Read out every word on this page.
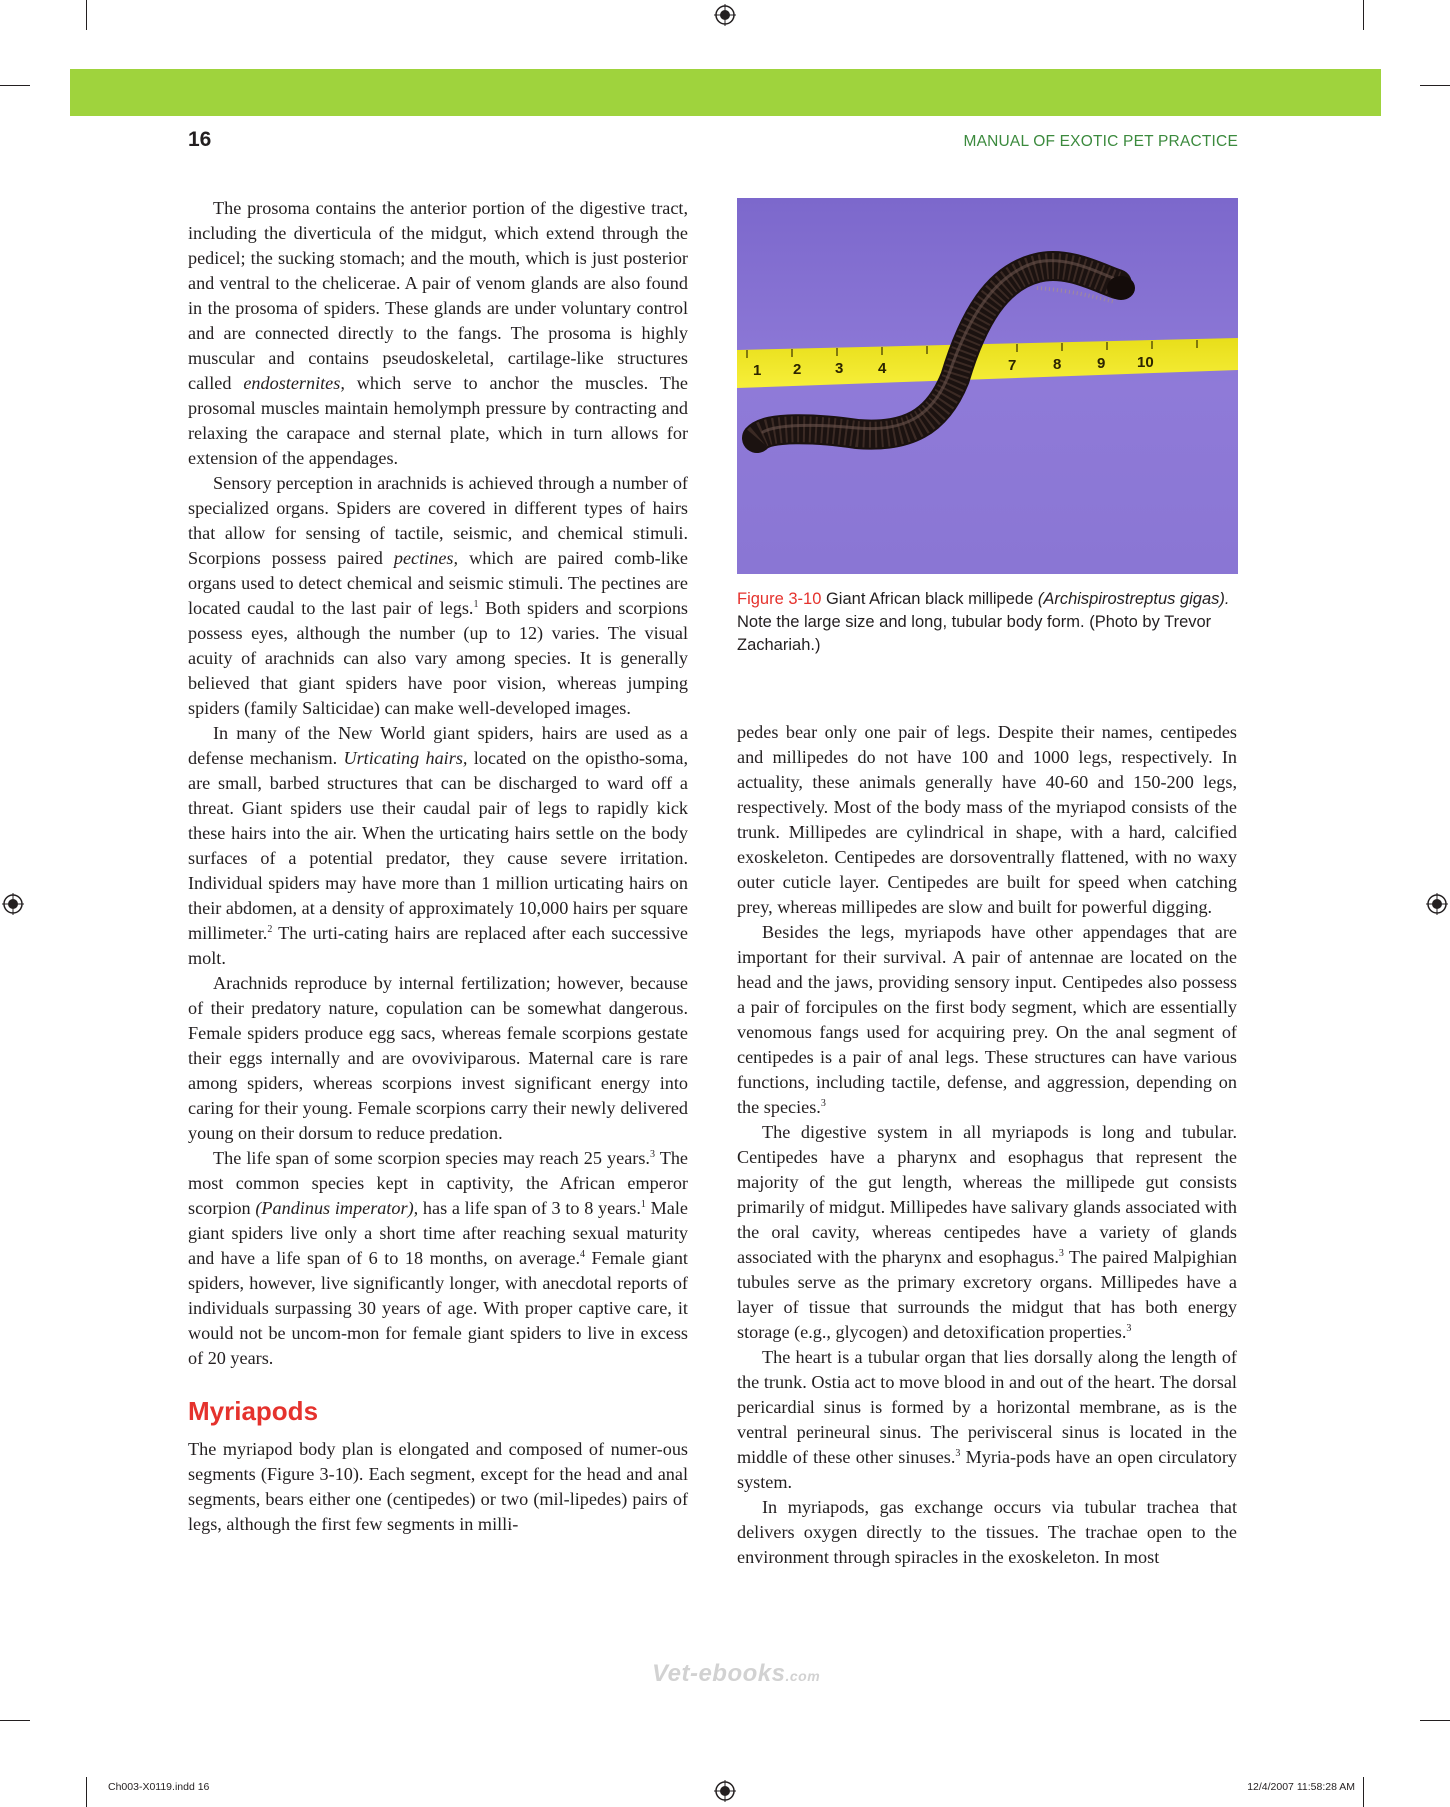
16	MANUAL OF EXOTIC PET PRACTICE

The prosoma contains the anterior portion of the digestive tract, including the diverticula of the midgut, which extend through the pedicel; the sucking stomach; and the mouth, which is just posterior and ventral to the chelicerae. A pair of venom glands are also found in the prosoma of spiders. These glands are under voluntary control and are connected directly to the fangs. The prosoma is highly muscular and contains pseudoskeletal, cartilage-like structures called endosternites, which serve to anchor the muscles. The prosomal muscles maintain hemolymph pressure by contracting and relaxing the carapace and sternal plate, which in turn allows for extension of the appendages.

Sensory perception in arachnids is achieved through a number of specialized organs. Spiders are covered in different types of hairs that allow for sensing of tactile, seismic, and chemical stimuli. Scorpions possess paired pectines, which are paired comb-like organs used to detect chemical and seismic stimuli. The pectines are located caudal to the last pair of legs.$^1$ Both spiders and scorpions possess eyes, although the number (up to 12) varies. The visual acuity of arachnids can also vary among species. It is generally believed that giant spiders have poor vision, whereas jumping spiders (family Salticidae) can make well-developed images.

In many of the New World giant spiders, hairs are used as a defense mechanism. Urticating hairs, located on the opistho-soma, are small, barbed structures that can be discharged to ward off a threat. Giant spiders use their caudal pair of legs to rapidly kick these hairs into the air. When the urticating hairs settle on the body surfaces of a potential predator, they cause severe irritation. Individual spiders may have more than 1 million urticating hairs on their abdomen, at a density of approximately 10,000 hairs per square millimeter.$^2$ The urti-cating hairs are replaced after each successive molt.

Arachnids reproduce by internal fertilization; however, because of their predatory nature, copulation can be somewhat dangerous. Female spiders produce egg sacs, whereas female scorpions gestate their eggs internally and are ovoviviparous. Maternal care is rare among spiders, whereas scorpions invest significant energy into caring for their young. Female scorpions carry their newly delivered young on their dorsum to reduce predation.

The life span of some scorpion species may reach 25 years.$^3$ The most common species kept in captivity, the African emperor scorpion (Pandinus imperator), has a life span of 3 to 8 years.$^1$ Male giant spiders live only a short time after reaching sexual maturity and have a life span of 6 to 18 months, on average.$^4$ Female giant spiders, however, live significantly longer, with anecdotal reports of individuals surpassing 30 years of age. With proper captive care, it would not be uncom-mon for female giant spiders to live in excess of 20 years.

Myriapods

The myriapod body plan is elongated and composed of numer-ous segments (Figure 3-10). Each segment, except for the head and anal segments, bears either one (centipedes) or two (mil-lipedes) pairs of legs, although the first few segments in milli-

1 2 3 4	5 7 8 9 10
Figure 3-10 Giant African black millipede (Archispirostreptus gigas). Note the large size and long, tubular body form. (Photo by Trevor Zachariah.)

pedes bear only one pair of legs. Despite their names, centipedes and millipedes do not have 100 and 1000 legs, respectively. In actuality, these animals generally have 40-60 and 150-200 legs, respectively. Most of the body mass of the myriapod consists of the trunk. Millipedes are cylindrical in shape, with a hard, calcified exoskeleton. Centipedes are dorsoventrally flattened, with no waxy outer cuticle layer. Centipedes are built for speed when catching prey, whereas millipedes are slow and built for powerful digging.

Besides the legs, myriapods have other appendages that are important for their survival. A pair of antennae are located on the head and the jaws, providing sensory input. Centipedes also possess a pair of forcipules on the first body segment, which are essentially venomous fangs used for acquiring prey. On the anal segment of centipedes is a pair of anal legs. These structures can have various functions, including tactile, defense, and aggression, depending on the species.$^3$

The digestive system in all myriapods is long and tubular. Centipedes have a pharynx and esophagus that represent the majority of the gut length, whereas the millipede gut consists primarily of midgut. Millipedes have salivary glands associated with the oral cavity, whereas centipedes have a variety of glands associated with the pharynx and esophagus.$^3$ The paired Malpighian tubules serve as the primary excretory organs. Millipedes have a layer of tissue that surrounds the midgut that has both energy storage (e.g., glycogen) and detoxification properties.$^3$

The heart is a tubular organ that lies dorsally along the length of the trunk. Ostia act to move blood in and out of the heart. The dorsal pericardial sinus is formed by a horizontal membrane, as is the ventral perineural sinus. The perivisceral sinus is located in the middle of these other sinuses.$^3$ Myria-pods have an open circulatory system.

In myriapods, gas exchange occurs via tubular trachea that delivers oxygen directly to the tissues. The trachae open to the environment through spiracles in the exoskeleton. In most

Vet-ebooks.com
Ch003-X0119.indd 16	12/4/2007 11:58:28 AM
